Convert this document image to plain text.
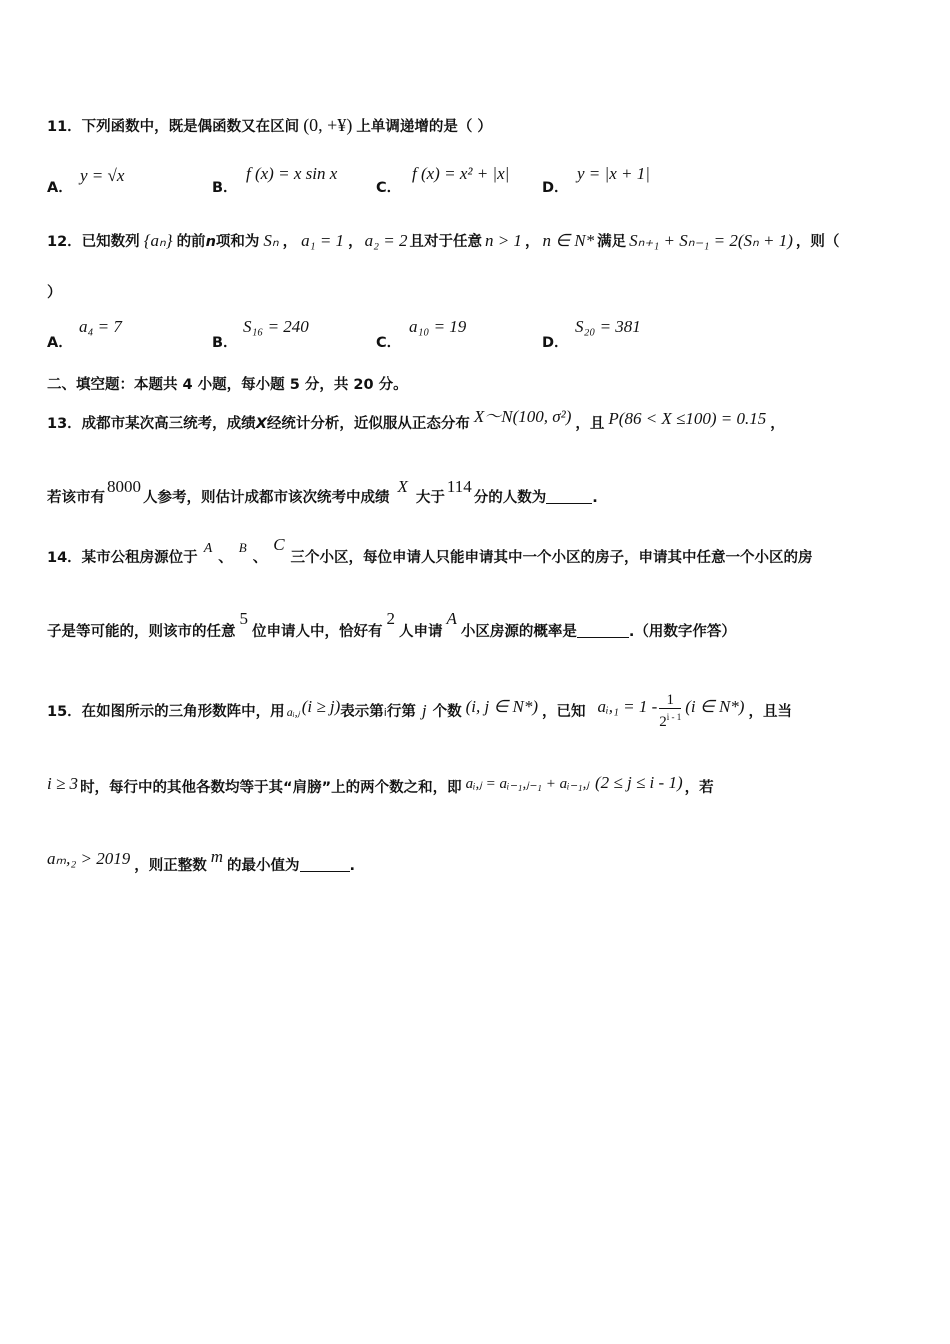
11．下列函数中，既是偶函数又在区间 (0, +¥) 上单调递增的是（ ）
A．
y = √x
B．
f (x) = x sin x
C．
f (x) = x² + |x|
D．
y = |x + 1|
12．已知数列 {aₙ} 的前n项和为 Sₙ ， a₁ = 1 ， a₂ = 2 且对于任意 n > 1 ， n ∈ N* 满足 Sₙ₊₁ + Sₙ₋₁ = 2(Sₙ + 1) ，则（
）
A．
a₄ = 7
B．
S₁₆ = 240
C．
a₁₀ = 19
D．
S₂₀ = 381
二、填空题：本题共 4 小题，每小题 5 分，共 20 分。
13．成都市某次高三统考，成绩X经统计分析，近似服从正态分布 X～N(100, σ²) ，且 P(86 < X ≤100) = 0.15 ，
若该市有8000人参考，则估计成都市该次统考中成绩X大于114分的人数为	.
14．某市公租房源位于A、B、C三个小区，每位申请人只能申请其中一个小区的房子，申请其中任意一个小区的房
子是等可能的，则该市的任意5位申请人中，恰好有2人申请A小区房源的概率是	.（用数字作答）
15．在如图所示的三角形数阵中，用 aᵢ,ⱼ (i ≥ j)表示第i行第 j 个数 (i, j ∈ N*) ，已知 aᵢ,₁ = $1 - \frac{1}{2^{i - 1}} (i$ ∈ N*) ，且当
i ≥ 3 时，每行中的其他各数均等于其“肩膀”上的两个数之和，即 aᵢ,ⱼ = aᵢ₋₁,ⱼ₋₁ + aᵢ₋₁,ⱼ (2 ≤ j ≤ i - 1) ，若
aₘ,₂ > 2019 ，则正整数 m 的最小值为	.
